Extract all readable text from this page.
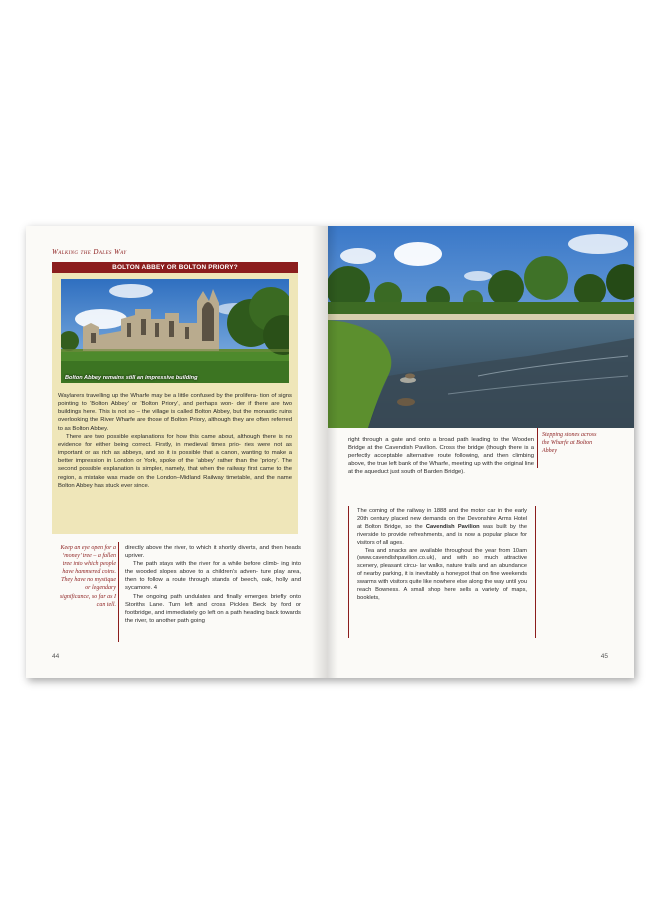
Walking the Dales Way
BOLTON ABBEY OR BOLTON PRIORY?
Bolton Abbey remains still an impressive building

Waylarers travelling up the Wharfe may be a little confused by the prolifera- tion of signs pointing to ‘Bolton Abbey’ or ‘Bolton Priory’, and perhaps won- der if there are two buildings here. This is not so – the village is called Bolton Abbey, but the monastic ruins overlooking the River Wharfe are those of Bolton Priory, although they are often referred to as Bolton Abbey.

There are two possible explanations for how this came about, although there is no evidence for either being correct. Firstly, in medieval times prio- ries were not as important or as rich as abbeys, and so it is possible that a canon, wanting to make a better impression in London or York, spoke of the ‘abbey’ rather than the ‘priory’. The second possible explanation is simpler, namely, that when the railway first came to the region, a mistake was made on the London–Midland Railway timetable, and the name Bolton Abbey has stuck ever since.

Keep an eye open for a ‘money’ tree – a fallen tree into which people have hammered coins. They have no mystique or legendary significance, so far as I can tell.

directly above the river, to which it shortly diverts, and then heads upriver.

The path stays with the river for a while before climb- ing into the wooded slopes above to a children’s adven- ture play area, then to follow a route through stands of beech, oak, holly and sycamore. 4

The ongoing path undulates and finally emerges briefly onto Storiths Lane. Turn left and cross Pickles Beck by ford or footbridge, and immediately go left on a path heading back towards the river, to another path going

44

right through a gate and onto a broad path leading to the Wooden Bridge at the Cavendish Pavilion. Cross the bridge (though there is a perfectly acceptable alternative route following, and then climbing above, the true left bank of the Wharfe, meeting up with the original line at the aqueduct just south of Barden Bridge).

Stepping stones across the Wharfe at Bolton Abbey

The coming of the railway in 1888 and the motor car in the early 20th century placed new demands on the Devonshire Arms Hotel at Bolton Bridge, so the Cavendish Pavilion was built by the riverside to provide refreshments, and is now a popular place for visitors of all ages.

Tea and snacks are available throughout the year from 10am (www.cavendishpavilion.co.uk), and with so much attractive scenery, pleasant circu- lar walks, nature trails and an abundance of nearby parking, it is inevitably a honeypot that on fine weekends swarms with visitors quite like nowhere else along the way until you reach Bowness. A small shop here sells a variety of maps, booklets,

45
